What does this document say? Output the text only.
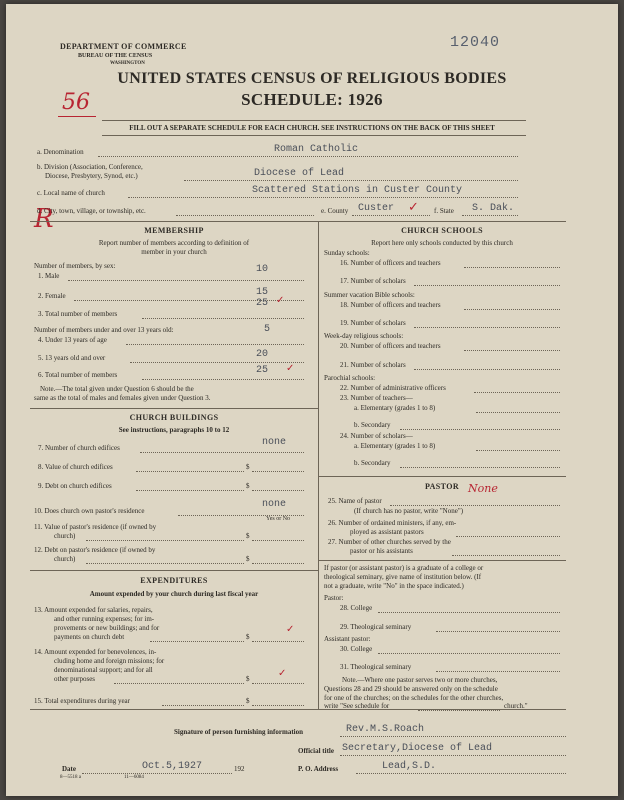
DEPARTMENT OF COMMERCE
BUREAU OF THE CENSUS
WASHINGTON
12040
UNITED STATES CENSUS OF RELIGIOUS BODIES
SCHEDULE: 1926
56
R
FILL OUT A SEPARATE SCHEDULE FOR EACH CHURCH. SEE INSTRUCTIONS ON THE BACK OF THIS SHEET
a. Denomination	Roman Catholic
b. Division (Association, Conference,
Diocese, Presbytery, Synod, etc.)	Diocese of Lead
c. Local name of church	Scattered Stations in Custer County
d. City, town, village, or township, etc.	e. County Custer ✓ f. State S. Dak.
MEMBERSHIP
Report number of members according to definition of
member in your church
Number of members, by sex:
1. Male
10
2. Female	15
3. Total number of members
25 ✓
Number of members under and over 13 years old:
4. Under 13 years of age
5
5. 13 years old and over	20
6. Total number of members	25 ✓
Note.—The total given under Question 6 should be the
same as the total of males and females given under Question 3.
CHURCH BUILDINGS
See instructions, paragraphs 10 to 12
7. Number of church edifices	none
8. Value of church edifices	$
9. Debt on church edifices	$
10. Does church own pastor's residence
none
Yes or No
11. Value of pastor's residence (if owned by
church)	$
12. Debt on pastor's residence (if owned by
church)	$
EXPENDITURES
Amount expended by your church during last fiscal year
13. Amount expended for salaries, repairs,
and other running expenses; for im-
provements or new buildings; and for
payments on church debt	$
✓
14. Amount expended for benevolences, in-
cluding home and foreign missions; for
denominational support; and for all
other purposes	$	✓
15. Total expenditures during year	$
CHURCH SCHOOLS
Report here only schools conducted by this church
Sunday schools:
16. Number of officers and teachers
17. Number of scholars
Summer vacation Bible schools:
18. Number of officers and teachers
19. Number of scholars
Week-day religious schools:
20. Number of officers and teachers
21. Number of scholars
Parochial schools:
22. Number of administrative officers
23. Number of teachers—
a. Elementary (grades 1 to 8)
b. Secondary
24. Number of scholars—
a. Elementary (grades 1 to 8)
b. Secondary
PASTOR None
25. Name of pastor
(If church has no pastor, write "None")
26. Number of ordained ministers, if any, em-
ployed as assistant pastors
27. Number of other churches served by the
pastor or his assistants
If pastor (or assistant pastor) is a graduate of a college or
theological seminary, give name of institution below. (If
not a graduate, write "No" in the space indicated.)
Pastor:
28. College
29. Theological seminary
Assistant pastor:
30. College
31. Theological seminary
Note.—Where one pastor serves two or more churches,
Questions 28 and 29 should be answered only on the schedule
for one of the churches; on the schedules for the other churches,
write "See schedule for	church."
Signature of person furnishing information	Rev.M.S.Roach
Official title Secretary,Diocese of Lead
Date	Oct.5,1927	192	P. O. Address	Lead,S.D.
8—5518 a	11—6084
